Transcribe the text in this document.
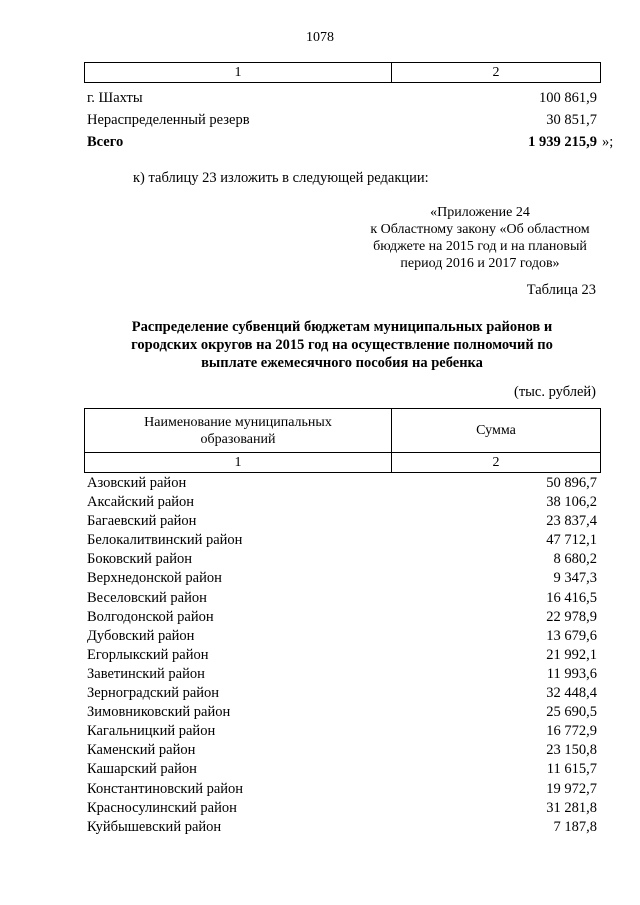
1078
1	2
г. Шахты	100 861,9
Нераспределенный резерв	30 851,7
Всего	1 939 215,9 »;
к) таблицу 23 изложить в следующей редакции:
«Приложение 24
к Областному закону «Об областном
бюджете на 2015 год и на плановый
период 2016 и 2017 годов»
Таблица 23
Распределение субвенций бюджетам муниципальных районов и
городских округов на 2015 год на осуществление полномочий по
выплате ежемесячного пособия на ребенка
(тыс. рублей)
Наименование муниципальных
образований	Сумма
1	2
Азовский район	50 896,7
Аксайский район	38 106,2
Багаевский район	23 837,4
Белокалитвинский район	47 712,1
Боковский район	8 680,2
Верхнедонской район	9 347,3
Веселовский район	16 416,5
Волгодонской район	22 978,9
Дубовский район	13 679,6
Егорлыкский район	21 992,1
Заветинский район	11 993,6
Зерноградский район	32 448,4
Зимовниковский район	25 690,5
Кагальницкий район	16 772,9
Каменский район	23 150,8
Кашарский район	11 615,7
Константиновский район	19 972,7
Красносулинский район	31 281,8
Куйбышевский район	7 187,8
